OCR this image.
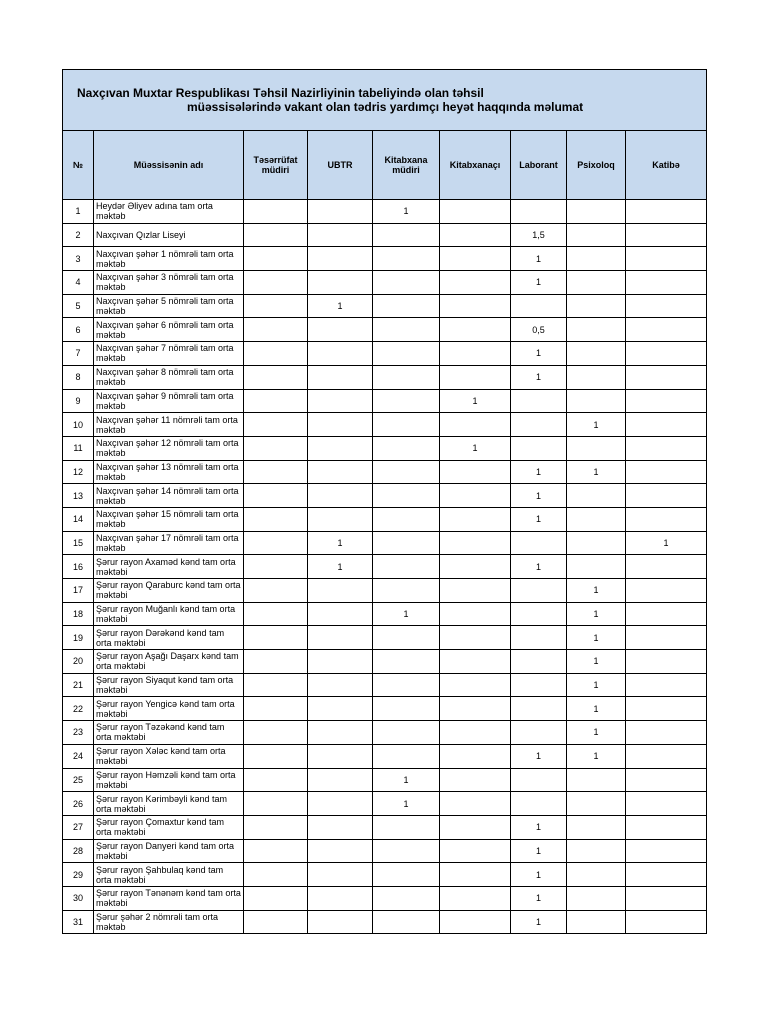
Naxçıvan Muxtar Respublikası Təhsil Nazirliyinin tabeliyində olan təhsil
müəssisələrində vakant olan tədris yardımçı heyət haqqında məlumat								

№	Müəssisənin adı	Təsərrüfat müdiri	UBTR	Kitabxana müdiri	Kitabxanaçı	Laborant	Psixoloq	Katibə
1	Heydər Əliyev adına tam orta məktəb			1				
2	Naxçıvan Qızlar Liseyi					1,5		
3	Naxçıvan şəhər 1 nömrəli tam orta məktəb					1		
4	Naxçıvan şəhər 3 nömrəli tam orta məktəb					1		
5	Naxçıvan şəhər 5 nömrəli tam orta məktəb		1					
6	Naxçıvan şəhər 6 nömrəli tam orta məktəb					0,5		
7	Naxçıvan şəhər 7 nömrəli tam orta məktəb					1		
8	Naxçıvan şəhər 8 nömrəli tam orta məktəb					1		
9	Naxçıvan şəhər 9 nömrəli tam orta məktəb				1			
10	Naxçıvan şəhər 11 nömrəli tam orta məktəb						1	
11	Naxçıvan şəhər 12 nömrəli tam orta məktəb				1			
12	Naxçıvan şəhər 13 nömrəli tam orta məktəb					1	1	
13	Naxçıvan şəhər 14 nömrəli tam orta məktəb					1		
14	Naxçıvan şəhər 15 nömrəli tam orta məktəb					1		
15	Naxçıvan şəhər 17 nömrəli tam orta məktəb		1					1
16	Şərur rayon Axaməd kənd tam orta məktəbi		1			1		
17	Şərur rayon Qaraburc kənd tam orta məktəbi						1	
18	Şərur rayon Muğanlı kənd tam orta məktəbi			1			1	
19	Şərur rayon Dərəkənd kənd tam orta məktəbi						1	
20	Şərur rayon Aşağı Daşarx kənd tam orta məktəbi						1	
21	Şərur rayon Siyaqut kənd tam orta məktəbi						1	
22	Şərur rayon Yengicə kənd tam orta məktəbi						1	
23	Şərur rayon Təzəkənd kənd tam orta məktəbi						1	
24	Şərur rayon Xələc kənd tam orta məktəbi					1	1	
25	Şərur rayon Həmzəli kənd tam orta məktəbi			1				
26	Şərur rayon Kərimbəyli kənd tam orta məktəbi			1				
27	Şərur rayon Çomaxtur kənd tam orta məktəbi					1		
28	Şərur rayon Danyeri kənd tam orta məktəbi					1		
29	Şərur rayon Şahbulaq kənd tam orta məktəbi					1		
30	Şərur rayon Tənənəm kənd tam orta məktəbi					1		
31	Şərur şəhər 2 nömrəli tam orta məktəb					1		
